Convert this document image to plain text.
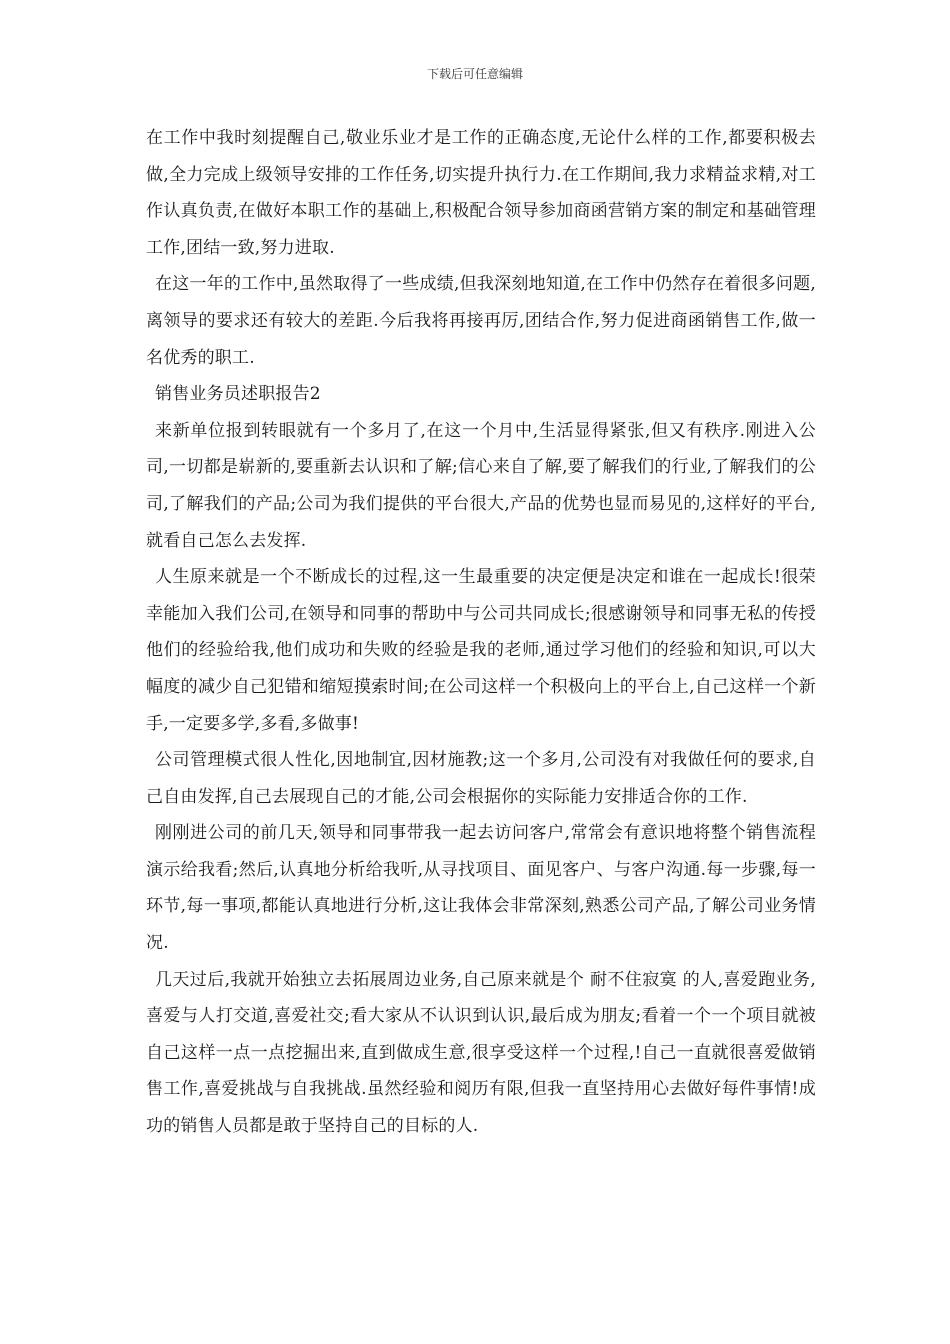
下载后可任意编辑

在工作中我时刻提醒自己,敬业乐业才是工作的正确态度,无论什么样的工作,都要积极去做,全力完成上级领导安排的工作任务,切实提升执行力.在工作期间,我力求精益求精,对工作认真负责,在做好本职工作的基础上,积极配合领导参加商函营销方案的制定和基础管理工作,团结一致,努力进取.

在这一年的工作中,虽然取得了一些成绩,但我深刻地知道,在工作中仍然存在着很多问题,离领导的要求还有较大的差距.今后我将再接再厉,团结合作,努力促进商函销售工作,做一名优秀的职工.

销售业务员述职报告2

来新单位报到转眼就有一个多月了,在这一个月中,生活显得紧张,但又有秩序.刚进入公司,一切都是崭新的,要重新去认识和了解;信心来自了解,要了解我们的行业,了解我们的公司,了解我们的产品;公司为我们提供的平台很大,产品的优势也显而易见的,这样好的平台,就看自己怎么去发挥.

人生原来就是一个不断成长的过程,这一生最重要的决定便是决定和谁在一起成长!很荣幸能加入我们公司,在领导和同事的帮助中与公司共同成长;很感谢领导和同事无私的传授他们的经验给我,他们成功和失败的经验是我的老师,通过学习他们的经验和知识,可以大幅度的减少自己犯错和缩短摸索时间;在公司这样一个积极向上的平台上,自己这样一个新手,一定要多学,多看,多做事!

公司管理模式很人性化,因地制宜,因材施教;这一个多月,公司没有对我做任何的要求,自己自由发挥,自己去展现自己的才能,公司会根据你的实际能力安排适合你的工作.

刚刚进公司的前几天,领导和同事带我一起去访问客户,常常会有意识地将整个销售流程演示给我看;然后,认真地分析给我听,从寻找项目、面见客户、与客户沟通.每一步骤,每一环节,每一事项,都能认真地进行分析,这让我体会非常深刻,熟悉公司产品,了解公司业务情况.

几天过后,我就开始独立去拓展周边业务,自己原来就是个 耐不住寂寞 的人,喜爱跑业务,喜爱与人打交道,喜爱社交;看大家从不认识到认识,最后成为朋友;看着一个一个项目就被自己这样一点一点挖掘出来,直到做成生意,很享受这样一个过程,!自己一直就很喜爱做销售工作,喜爱挑战与自我挑战.虽然经验和阅历有限,但我一直坚持用心去做好每件事情!成功的销售人员都是敢于坚持自己的目标的人.
